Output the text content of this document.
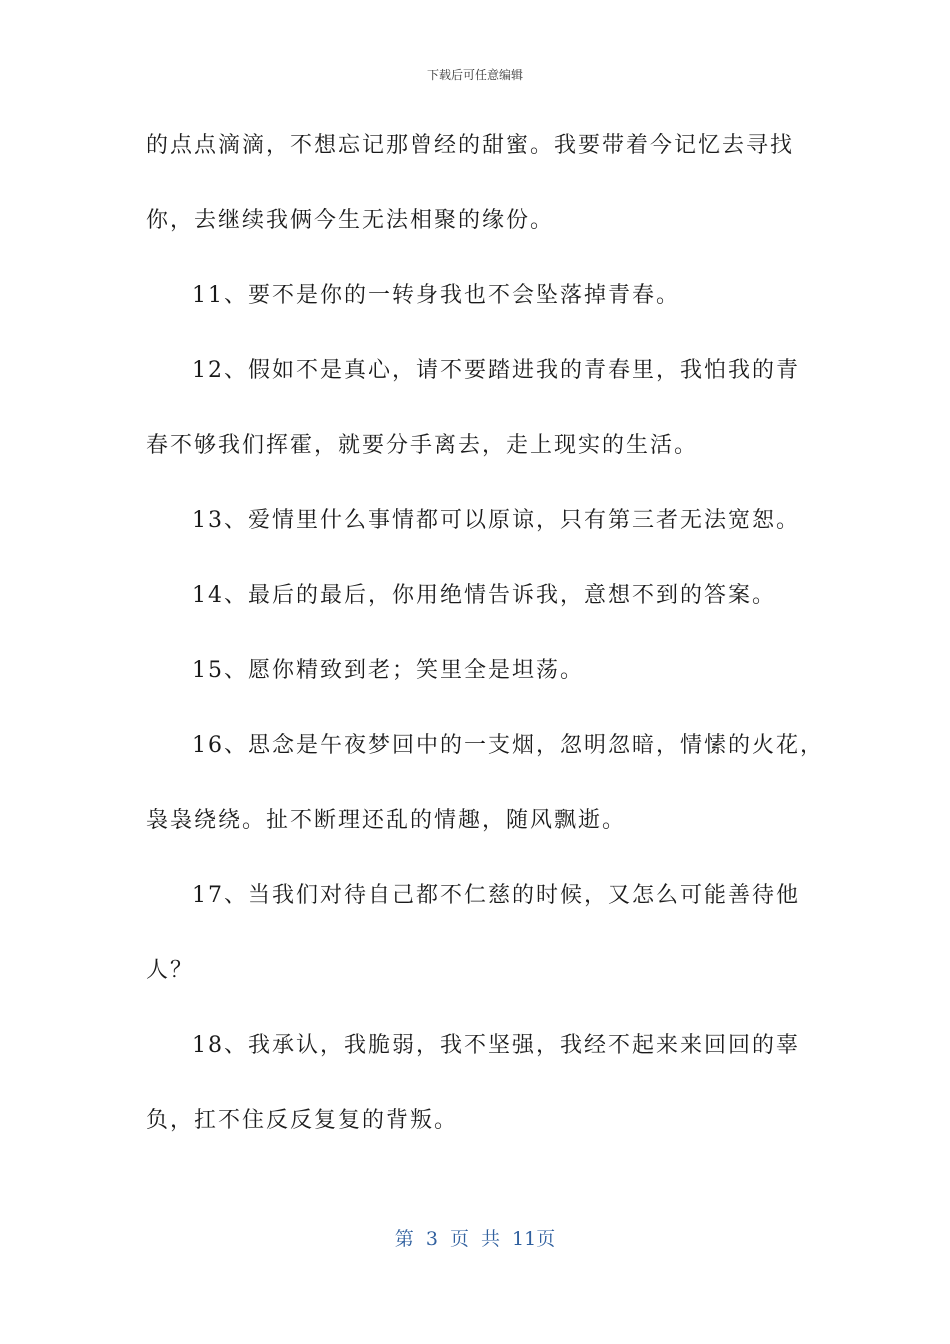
下载后可任意编辑
的点点滴滴，不想忘记那曾经的甜蜜。我要带着今记忆去寻找
你，去继续我俩今生无法相聚的缘份。
11、要不是你的一转身我也不会坠落掉青春。
12、假如不是真心，请不要踏进我的青春里，我怕我的青
春不够我们挥霍，就要分手离去，走上现实的生活。
13、爱情里什么事情都可以原谅，只有第三者无法宽恕。
14、最后的最后，你用绝情告诉我，意想不到的答案。
15、愿你精致到老；笑里全是坦荡。
16、思念是午夜梦回中的一支烟，忽明忽暗，情愫的火花，
袅袅绕绕。扯不断理还乱的情趣，随风飘逝。
17、当我们对待自己都不仁慈的时候，又怎么可能善待他
人？
18、我承认，我脆弱，我不坚强，我经不起来来回回的辜
负，扛不住反反复复的背叛。
第 3 页 共 11页
